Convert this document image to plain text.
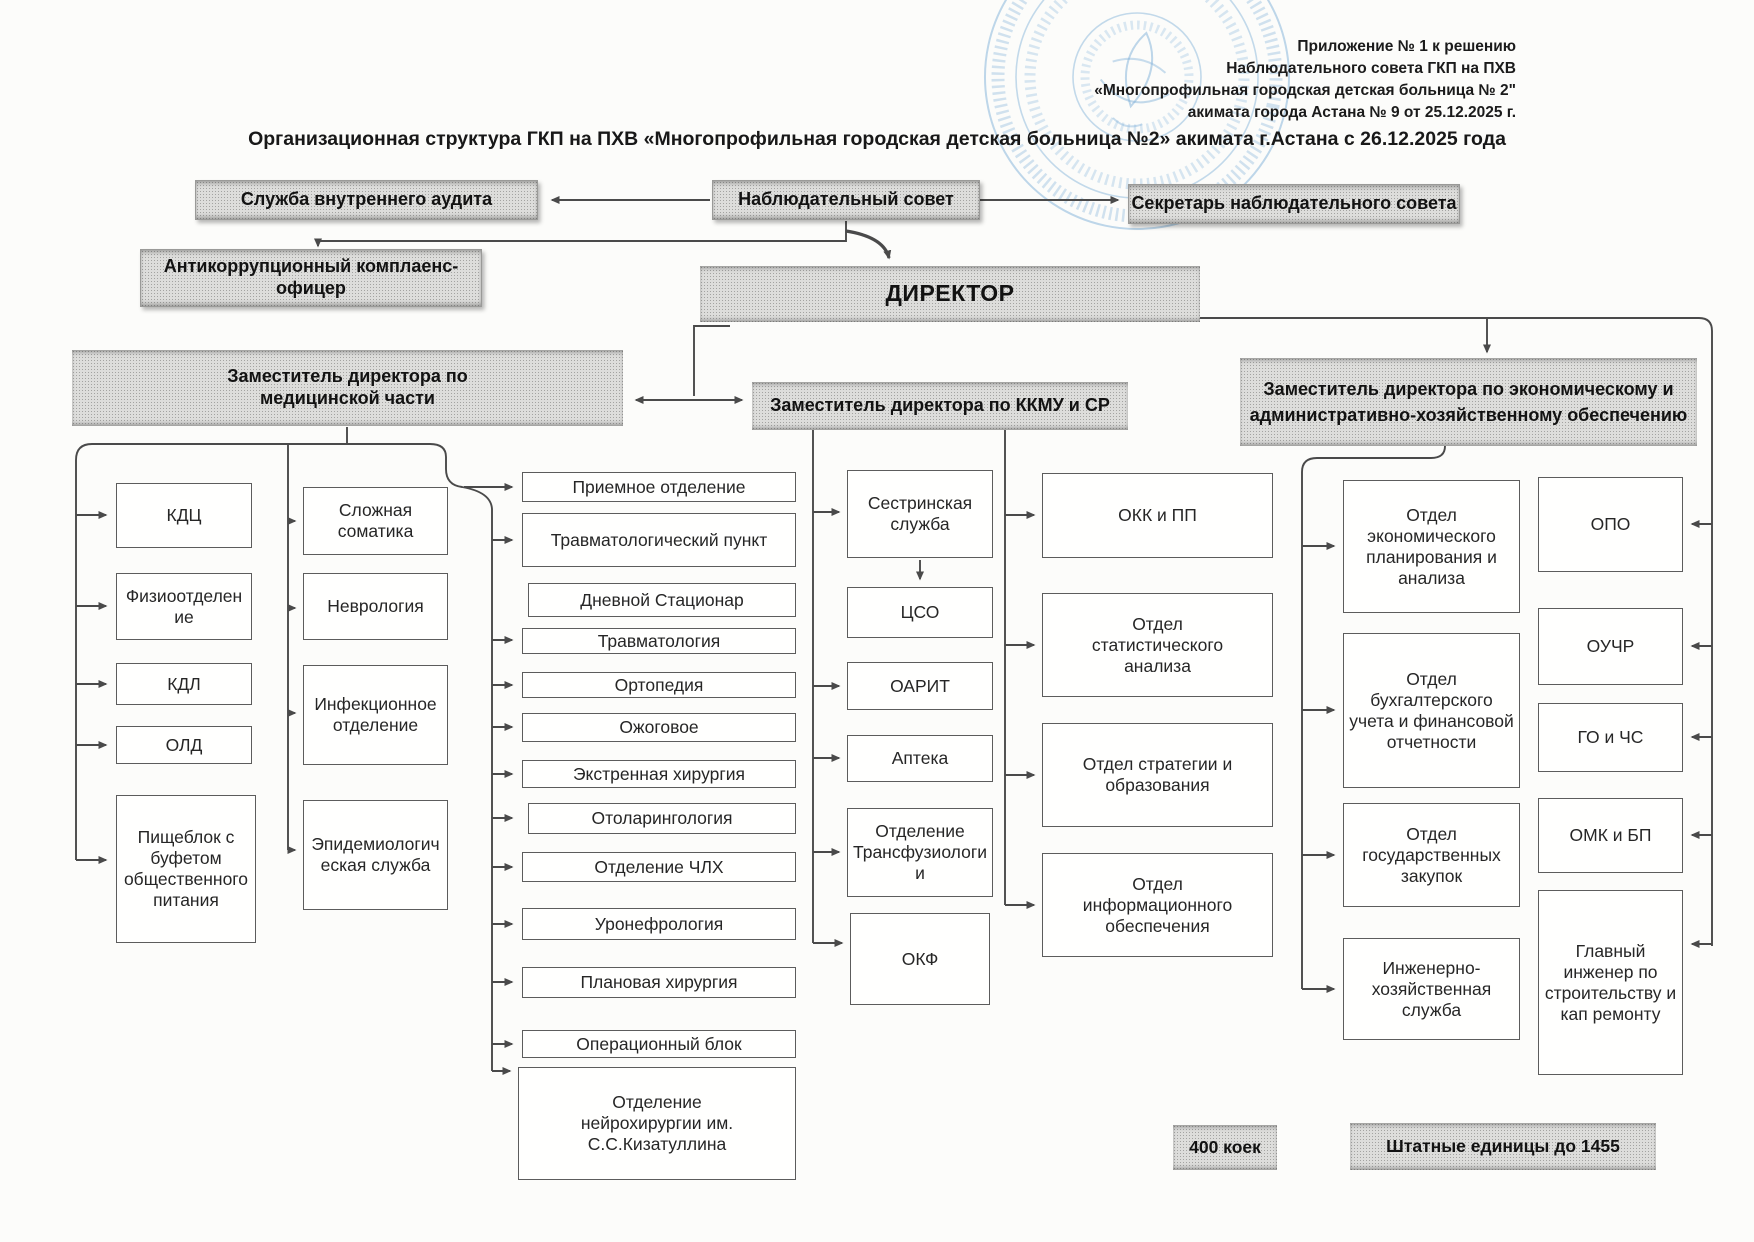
Приложение № 1 к решению
Наблюдательного совета ГКП на ПХВ
«Многопрофильная городская детская больница № 2"
акимата города Астана № 9 от 25.12.2025 г.
Организационная структура ГКП на ПХВ «Многопрофильная городская детская больница №2» акимата г.Астана с 26.12.2025 года
Служба внутреннего аудита	Наблюдательный совет	Секретарь наблюдательного совета
Антикоррупционный комплаенс-офицер	ДИРЕКТОР
Заместитель директора по медицинской части	Заместитель директора по ККМУ и СР
Заместитель директора по экономическому и административно-хозяйственному обеспечению
КДЦ
Физиоотделение
КДЛ
ОЛД
Пищеблок с буфетом общественного питания
Сложная соматика
Неврология
Инфекционное отделение
Эпидемиологическая служба
Приемное отделение
Травматологический пункт
Дневной Стационар
Травматология
Ортопедия
Ожоговое
Экстренная хирургия
Отоларингология
Отделение ЧЛХ
Уронефрология
Плановая хирургия
Операционный блок
Отделение нейрохирургии им. С.С.Кизатуллина
Сестринская служба
ЦСО
ОАРИТ
Аптека
Отделение Трансфузиологии
ОКФ
ОКК и ПП
Отдел статистического анализа
Отдел стратегии и образования
Отдел информационного обеспечения
Отдел экономического планирования и анализа
Отдел бухгалтерского учета и финансовой отчетности
Отдел государственных закупок
Инженерно-хозяйственная служба
ОПО
ОУЧР
ГО и ЧС
ОМК и БП
Главный инженер по строительству и кап ремонту
400 коек	Штатные единицы до 1455
